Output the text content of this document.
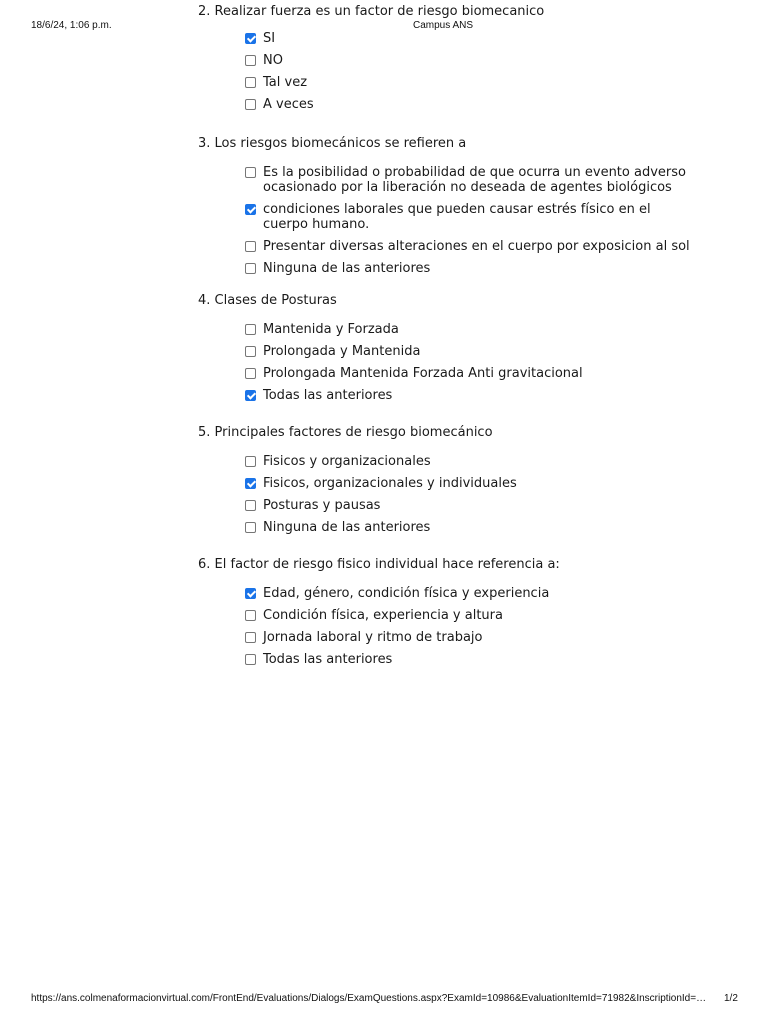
18/6/24, 1:06 p.m.	Campus ANS
2. Realizar fuerza es un factor de riesgo biomecanico
SI
NO
Tal vez
A veces
3. Los riesgos biomecánicos se refieren a
Es la posibilidad o probabilidad de que ocurra un evento adverso ocasionado por la liberación no deseada de agentes biológicos
condiciones laborales que pueden causar estrés físico en el cuerpo humano.
Presentar diversas alteraciones en el cuerpo por exposicion al sol
Ninguna de las anteriores
4. Clases de Posturas
Mantenida y Forzada
Prolongada y Mantenida
Prolongada Mantenida Forzada Anti gravitacional
Todas las anteriores
5. Principales factores de riesgo biomecánico
Fisicos y organizacionales
Fisicos, organizacionales y individuales
Posturas y pausas
Ninguna de las anteriores
6. El factor de riesgo fisico individual hace referencia a:
Edad, género, condición física y experiencia
Condición física, experiencia y altura
Jornada laboral y ritmo de trabajo
Todas las anteriores
https://ans.colmenaformacionvirtual.com/FrontEnd/Evaluations/Dialogs/ExamQuestions.aspx?ExamId=10986&EvaluationItemId=71982&InscriptionId=…	1/2
